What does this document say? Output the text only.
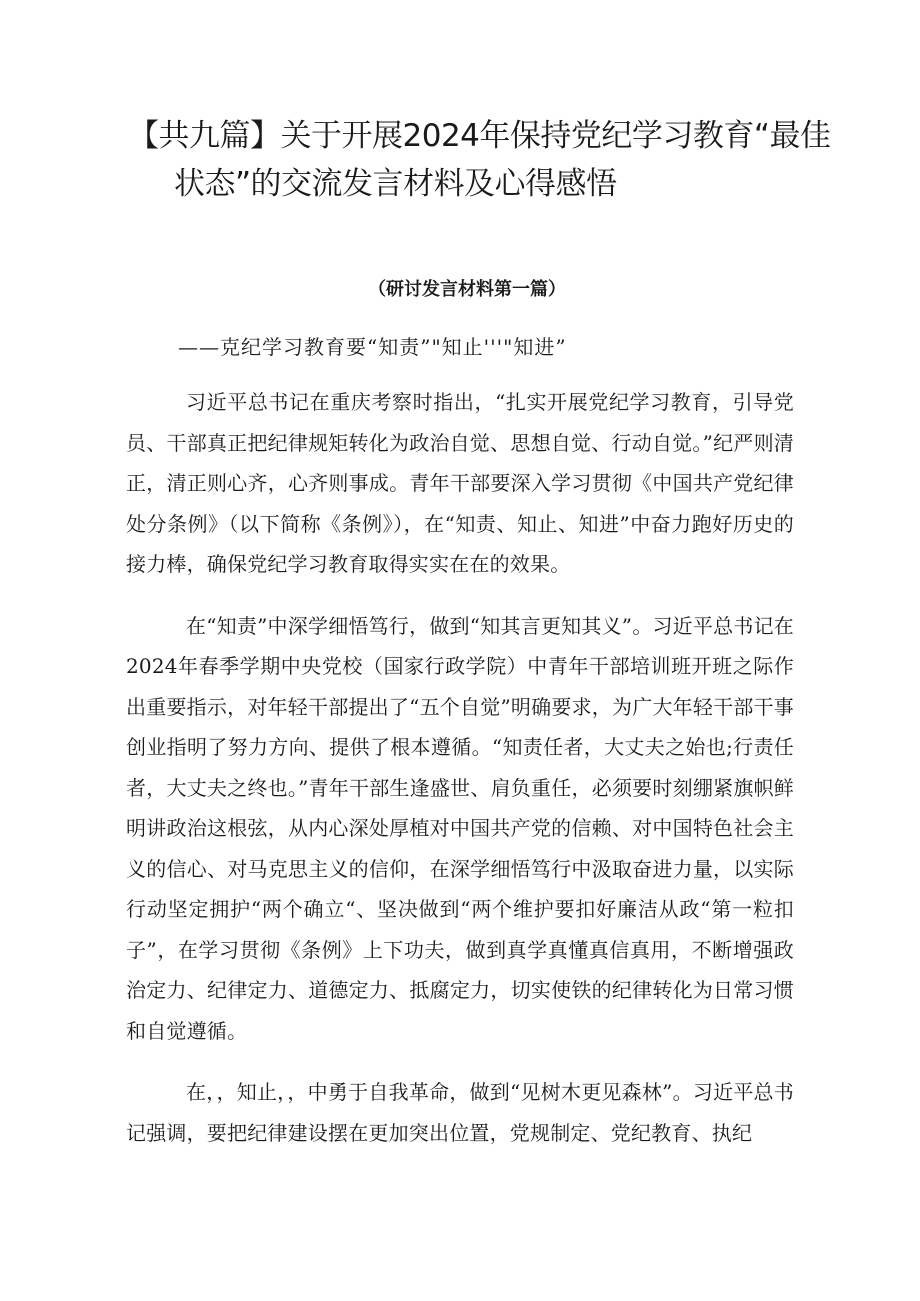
【共九篇】关于开展2024年保持党纪学习教育“最佳
状态”的交流发言材料及心得感悟

（研讨发言材料第一篇）

——克纪学习教育要“知责”"知止'''"知进”

习近平总书记在重庆考察时指出，“扎实开展党纪学习教育，引导党员、干部真正把纪律规矩转化为政治自觉、思想自觉、行动自觉。”纪严则清正，清正则心齐，心齐则事成。青年干部要深入学习贯彻《中国共产党纪律处分条例》（以下简称《条例》），在“知责、知止、知进”中奋力跑好历史的接力棒，确保党纪学习教育取得实实在在的效果。

在“知责”中深学细悟笃行，做到“知其言更知其义”。习近平总书记在2024年春季学期中央党校（国家行政学院）中青年干部培训班开班之际作出重要指示，对年轻干部提出了“五个自觉”明确要求，为广大年轻干部干事创业指明了努力方向、提供了根本遵循。“知责任者，大丈夫之始也;行责任者，大丈夫之终也。”青年干部生逢盛世、肩负重任，必须要时刻绷紧旗帜鲜明讲政治这根弦，从内心深处厚植对中国共产党的信赖、对中国特色社会主义的信心、对马克思主义的信仰，在深学细悟笃行中汲取奋进力量，以实际行动坚定拥护“两个确立“、坚决做到“两个维护要扣好廉洁从政“第一粒扣子”，在学习贯彻《条例》上下功夫，做到真学真懂真信真用，不断增强政治定力、纪律定力、道德定力、抵腐定力，切实使铁的纪律转化为日常习惯和自觉遵循。

在，，知止，，中勇于自我革命，做到“见树木更见森林”。习近平总书记强调，要把纪律建设摆在更加突出位置，党规制定、党纪教育、执纪
